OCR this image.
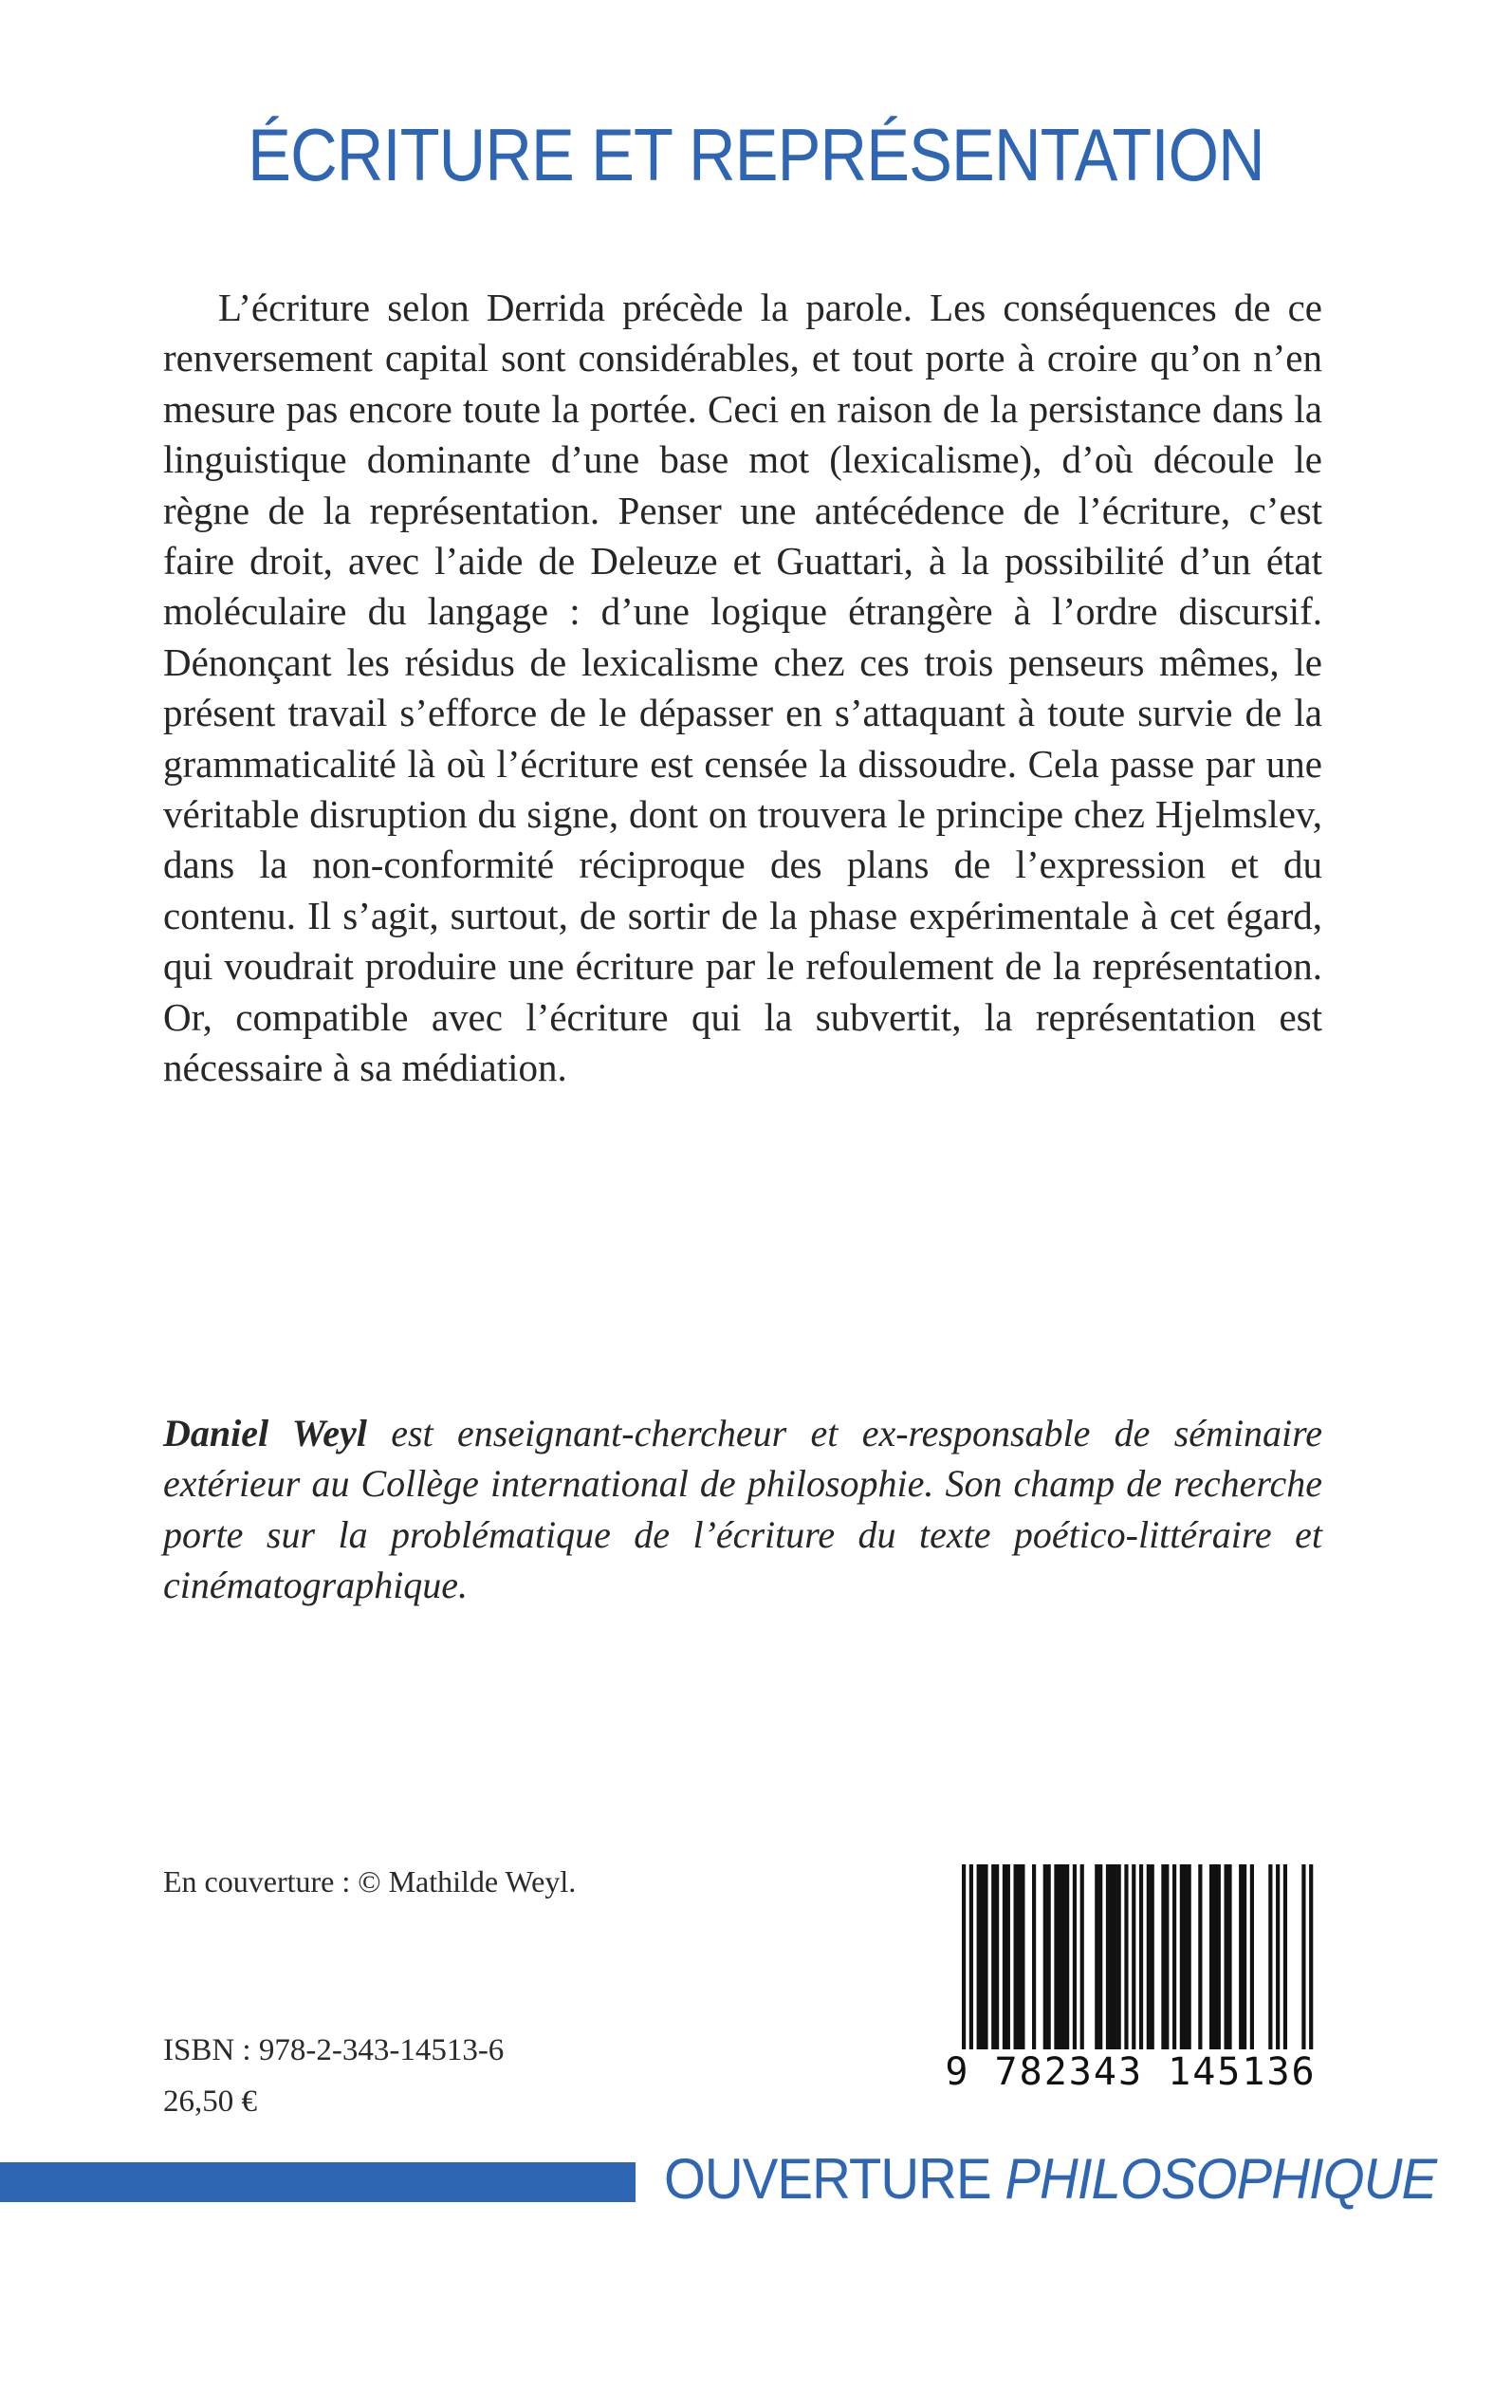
ÉCRITURE ET REPRÉSENTATION

L’écriture selon Derrida précède la parole. Les conséquences de ce renversement capital sont considérables, et tout porte à croire qu’on n’en mesure pas encore toute la portée. Ceci en raison de la persistance dans la linguistique dominante d’une base mot (lexicalisme), d’où découle le règne de la représentation. Penser une antécédence de l’écriture, c’est faire droit, avec l’aide de Deleuze et Guattari, à la possibilité d’un état moléculaire du langage : d’une logique étrangère à l’ordre discursif. Dénonçant les résidus de lexicalisme chez ces trois penseurs mêmes, le présent travail s’efforce de le dépasser en s’attaquant à toute survie de la grammaticalité là où l’écriture est censée la dissoudre. Cela passe par une véritable disruption du signe, dont on trouvera le principe chez Hjelmslev, dans la non-conformité réciproque des plans de l’expression et du contenu. Il s’agit, surtout, de sortir de la phase expérimentale à cet égard, qui voudrait produire une écriture par le refoulement de la représentation. Or, compatible avec l’écriture qui la subvertit, la représentation est nécessaire à sa médiation.

Daniel Weyl est enseignant-chercheur et ex-responsable de séminaire extérieur au Collège international de philosophie. Son champ de recherche porte sur la problématique de l’écriture du texte poético-littéraire et cinématographique.

En couverture : © Mathilde Weyl.

ISBN : 978-2-343-14513-6

26,50 €

9 782343 145136

OUVERTURE PHILOSOPHIQUE
